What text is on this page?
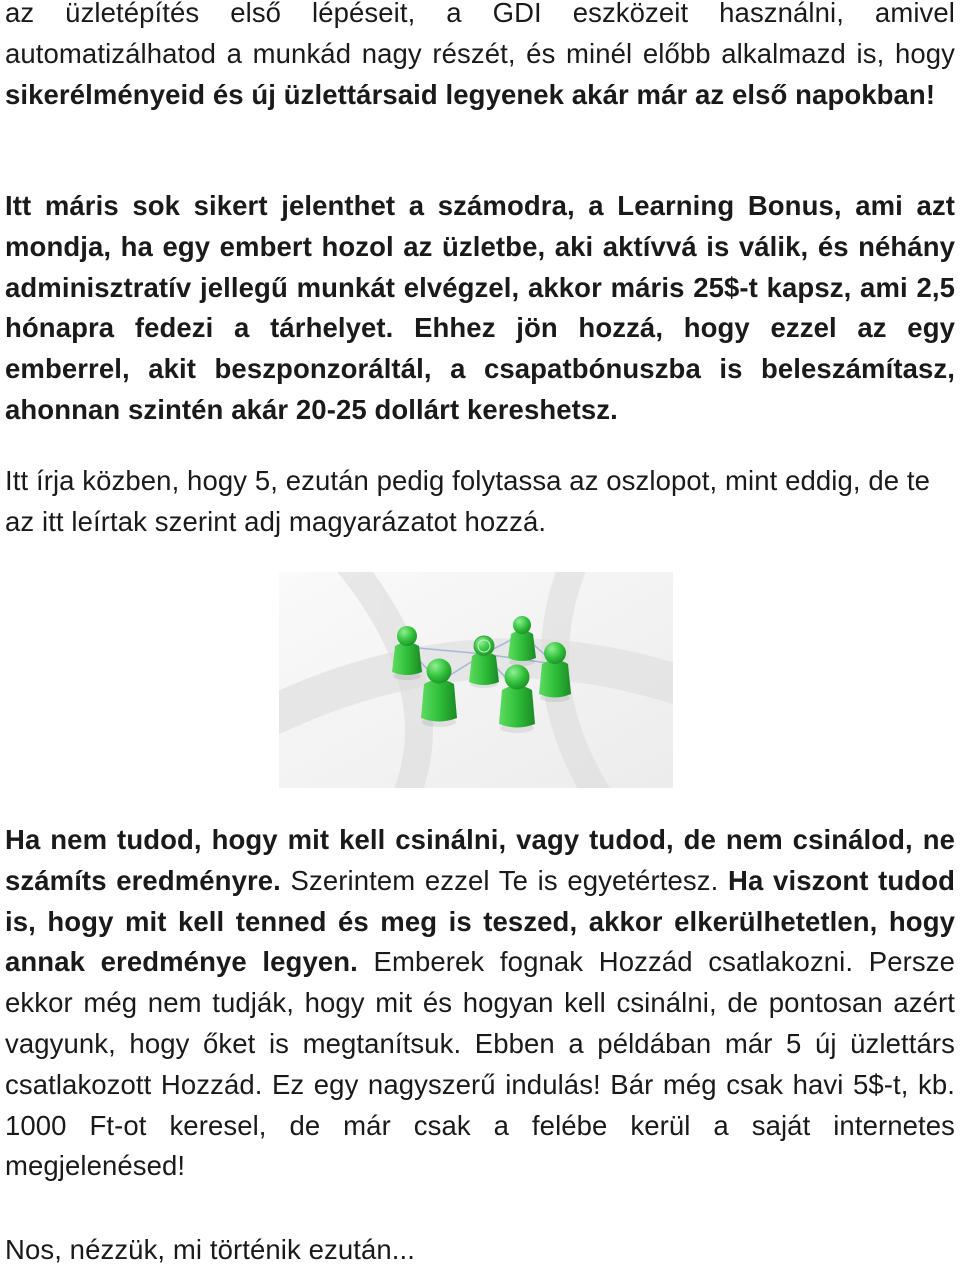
az üzletépítés első lépéseit, a GDI eszközeit használni, amivel automatizálhatod a munkád nagy részét, és minél előbb alkalmazd is, hogy sikerélményeid és új üzlettársaid legyenek akár már az első napokban!

Itt máris sok sikert jelenthet a számodra, a Learning Bonus, ami azt mondja, ha egy embert hozol az üzletbe, aki aktívvá is válik, és néhány adminisztratív jellegű munkát elvégzel, akkor máris 25$-t kapsz, ami 2,5 hónapra fedezi a tárhelyet. Ehhez jön hozzá, hogy ezzel az egy emberrel, akit beszponzoráltál, a csapatbónuszba is beleszámítasz, ahonnan szintén akár 20-25 dollárt kereshetsz.

Itt írja közben, hogy 5, ezután pedig folytassa az oszlopot, mint eddig, de te az itt leírtak szerint adj magyarázatot hozzá.

Ha nem tudod, hogy mit kell csinálni, vagy tudod, de nem csinálod, ne számíts eredményre. Szerintem ezzel Te is egyetértesz. Ha viszont tudod is, hogy mit kell tenned és meg is teszed, akkor elkerülhetetlen, hogy annak eredménye legyen. Emberek fognak Hozzád csatlakozni. Persze ekkor még nem tudják, hogy mit és hogyan kell csinálni, de pontosan azért vagyunk, hogy őket is megtanítsuk. Ebben a példában már 5 új üzlettárs csatlakozott Hozzád. Ez egy nagyszerű indulás! Bár még csak havi 5$-t, kb. 1000 Ft-ot keresel, de már csak a felébe kerül a saját internetes megjelenésed!

Nos, nézzük, mi történik ezután...
